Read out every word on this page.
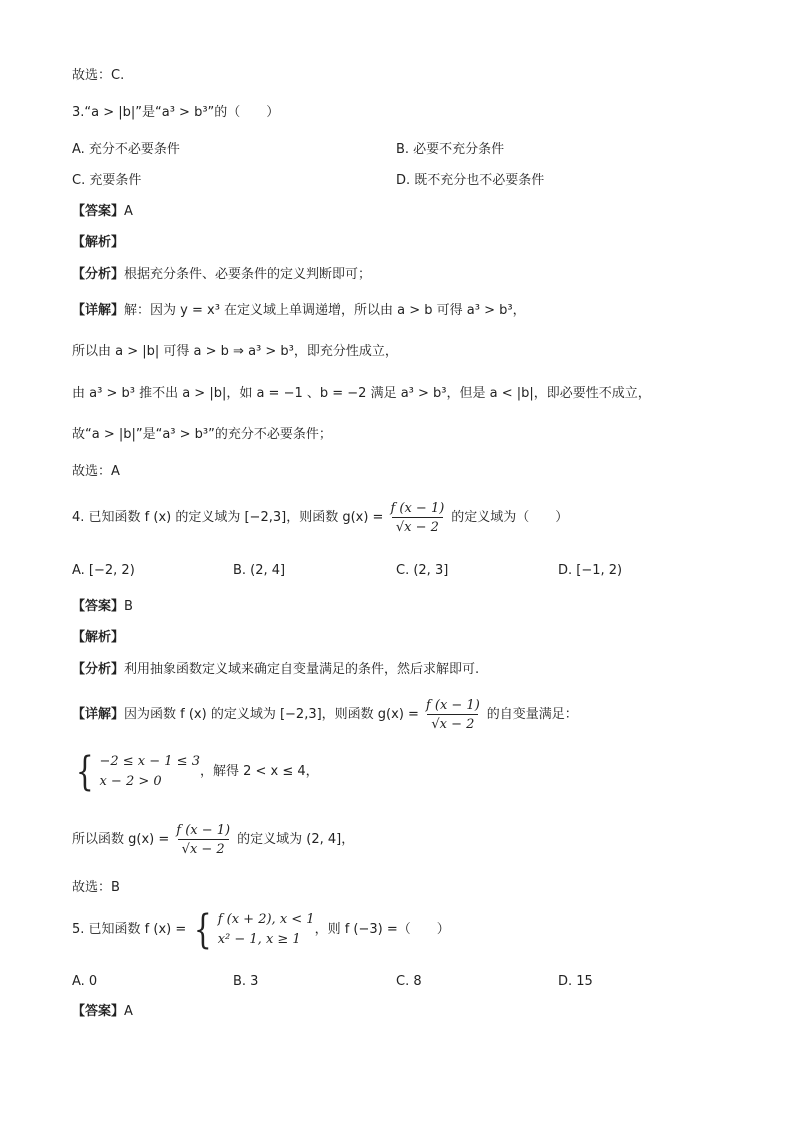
故选：C.
3.“a > |b|”是“a³ > b³”的（　　）
A. 充分不必要条件	B. 必要不充分条件
C. 充要条件	D. 既不充分也不必要条件
【答案】A
【解析】
【分析】根据充分条件、必要条件的定义判断即可；
【详解】解：因为 y = x³ 在定义域上单调递增，所以由 a > b 可得 a³ > b³，
所以由 a > |b| 可得 a > b ⇒ a³ > b³，即充分性成立，
由 a³ > b³ 推不出 a > |b|，如 a = −1 、b = −2 满足 a³ > b³，但是 a < |b|，即必要性不成立，
故“a > |b|”是“a³ > b³”的充分不必要条件；
故选：A
4. 已知函数 f (x) 的定义域为 [−2,3]，则函数 $g(x) = \frac{f (x - 1)}{√x - 2}$ 的定义域为（　　）
A. [−2, 2)	B. (2, 4]	C. (2, 3]	D. [−1, 2)
【答案】B
【解析】
【分析】利用抽象函数定义域来确定自变量满足的条件，然后求解即可.
【详解】 因为函数 f (x) 的定义域为 [−2,3]，则函数 $g(x) = \frac{f (x - 1)}{√x - 2}$ 的自变量满足：
{ −2 ≤ x − 1 ≤ 3
x − 2 > 0
，解得 2 < x ≤ 4，
所以函数 $g(x) = \frac{f (x - 1)}{√x - 2}$ 的定义域为 (2, 4]，
故选：B
5. 已知函数 f (x) = { f (x + 2), x < 1
x² − 1, x ≥ 1
，则 f (−3) =（　　）
A. 0	B. 3	C. 8	D. 15
【答案】A
